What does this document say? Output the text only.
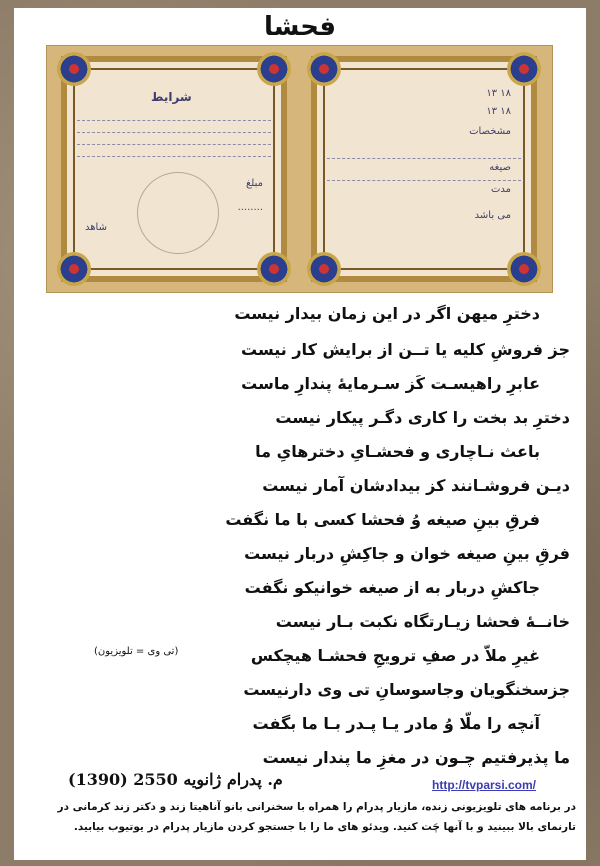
فحشا
شرایط
مبلغ
........
شاهد
۱۸ ۱۳
۱۸ ۱۳
مشخصات
صیغه
مدت
می باشد
دخترِ میهن اگر در این زمان بیدار نیست
جز فروشِ کلیه یا تــن از برایش کار نیست
عابرِ راهیسـت کَز سـرمایهٔ پندارِ ماست
دخترِ بد بخت را کاری دگـر پیکار نیست
باعث نـاچاری و فحشـایِ دخترهایِ ما
دیـن فروشـانند کز بیدادشان آمار نیست
فرقِ بینِ صیغه وُ فحشا کسی با ما نگفت
فرقِ بینِ صیغه خوان و جاکِشِ دربار نیست
جاکشِ دربار به از صیغه خوانیکو نگفت
خانــهٔ فحشا زیـارتگاه نکبت بـار نیست
غیرِ ملاّ در صفِ ترویجِ فحشـا هیچکس
جزسخنگویان وجاسوسانِ تی وی دارنیست
آنچه را ملّا وُ مادر یـا پـدر بـا ما بگفت
ما پذیرفتیم چـون در مغزِ ما پندار نیست
(تی وی = تلویزیون)
م. پدرام ژانویه 2550 (1390)	http://tvparsi.com/
در برنامه های تلویزیونی زنده، مازیار پدرام را همراه با سخنرانی بانو آناهیتا زند و دکتر زند کرمانی در تارنمای بالا ببینید و با آنها چَت کنید. ویدئو های ما را با جستجو کردن مازیار پدرام در یوتیوب بیابید.
